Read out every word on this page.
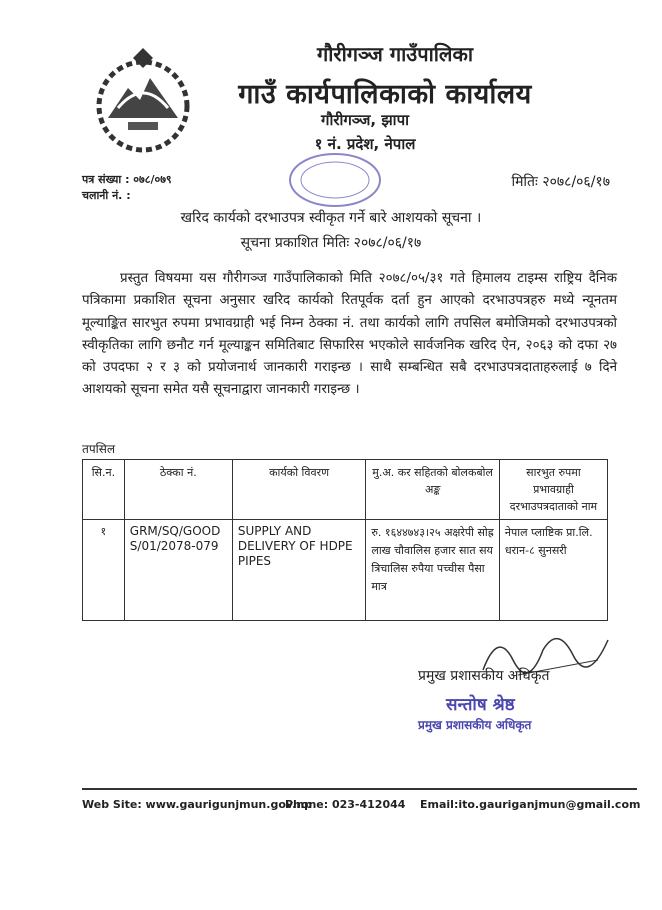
गौरीगञ्ज गाउँपालिका
गाउँ कार्यपालिकाको कार्यालय
गौरीगञ्ज, झापा
१ नं. प्रदेश, नेपाल
पत्र संख्या : ०७८/०७९
चलानी नं. :
मितिः २०७८/०६/१७
खरिद कार्यको दरभाउपत्र स्वीकृत गर्ने बारे आशयको सूचना ।
सूचना प्रकाशित मितिः २०७८/०६/१७
प्रस्तुत विषयमा यस गौरीगञ्ज गाउँपालिकाको मिति २०७८/०५/३१ गते हिमालय टाइम्स राष्ट्रिय दैनिक पत्रिकामा प्रकाशित सूचना अनुसार खरिद कार्यको रितपूर्वक दर्ता हुन आएको दरभाउपत्रहरु मध्ये न्यूनतम मूल्याङ्कित सारभुत रुपमा प्रभावग्राही भई निम्न ठेक्का नं. तथा कार्यको लागि तपसिल बमोजिमको दरभाउपत्रको स्वीकृतिका लागि छनौट गर्न मूल्याङ्कन समितिबाट सिफारिस भएकोले सार्वजनिक खरिद ऐन, २०६३ को दफा २७ को उपदफा २ र ३ को प्रयोजनार्थ जानकारी गराइन्छ । साथै सम्बन्धित सबै दरभाउपत्रदाताहरुलाई ७ दिने आशयको सूचना समेत यसै सूचनाद्वारा जानकारी गराइन्छ ।
तपसिल
सि.न.	ठेक्का नं.	कार्यको विवरण	मु.अ. कर सहितको बोलकबोल अङ्क	सारभुत रुपमा प्रभावग्राही दरभाउपत्रदाताको नाम
१	GRM/SQ/GOODS/01/2078-079	SUPPLY AND DELIVERY OF HDPE PIPES	रु. १६४४७४३।२५ अक्षरेपी सोह्र लाख चौवालिस हजार सात सय त्रिचालिस रुपैया पच्चीस पैसा मात्र	नेपाल प्लाष्टिक प्रा.लि. धरान-८ सुनसरी
प्रमुख प्रशासकीय अधिकृत
सन्तोष श्रेष्ठ
प्रमुख प्रशासकीय अधिकृत
Web Site: www.gaurigunjmun.gov.np
Phone: 023-412044 Email:ito.gauriganjmun@gmail.com
